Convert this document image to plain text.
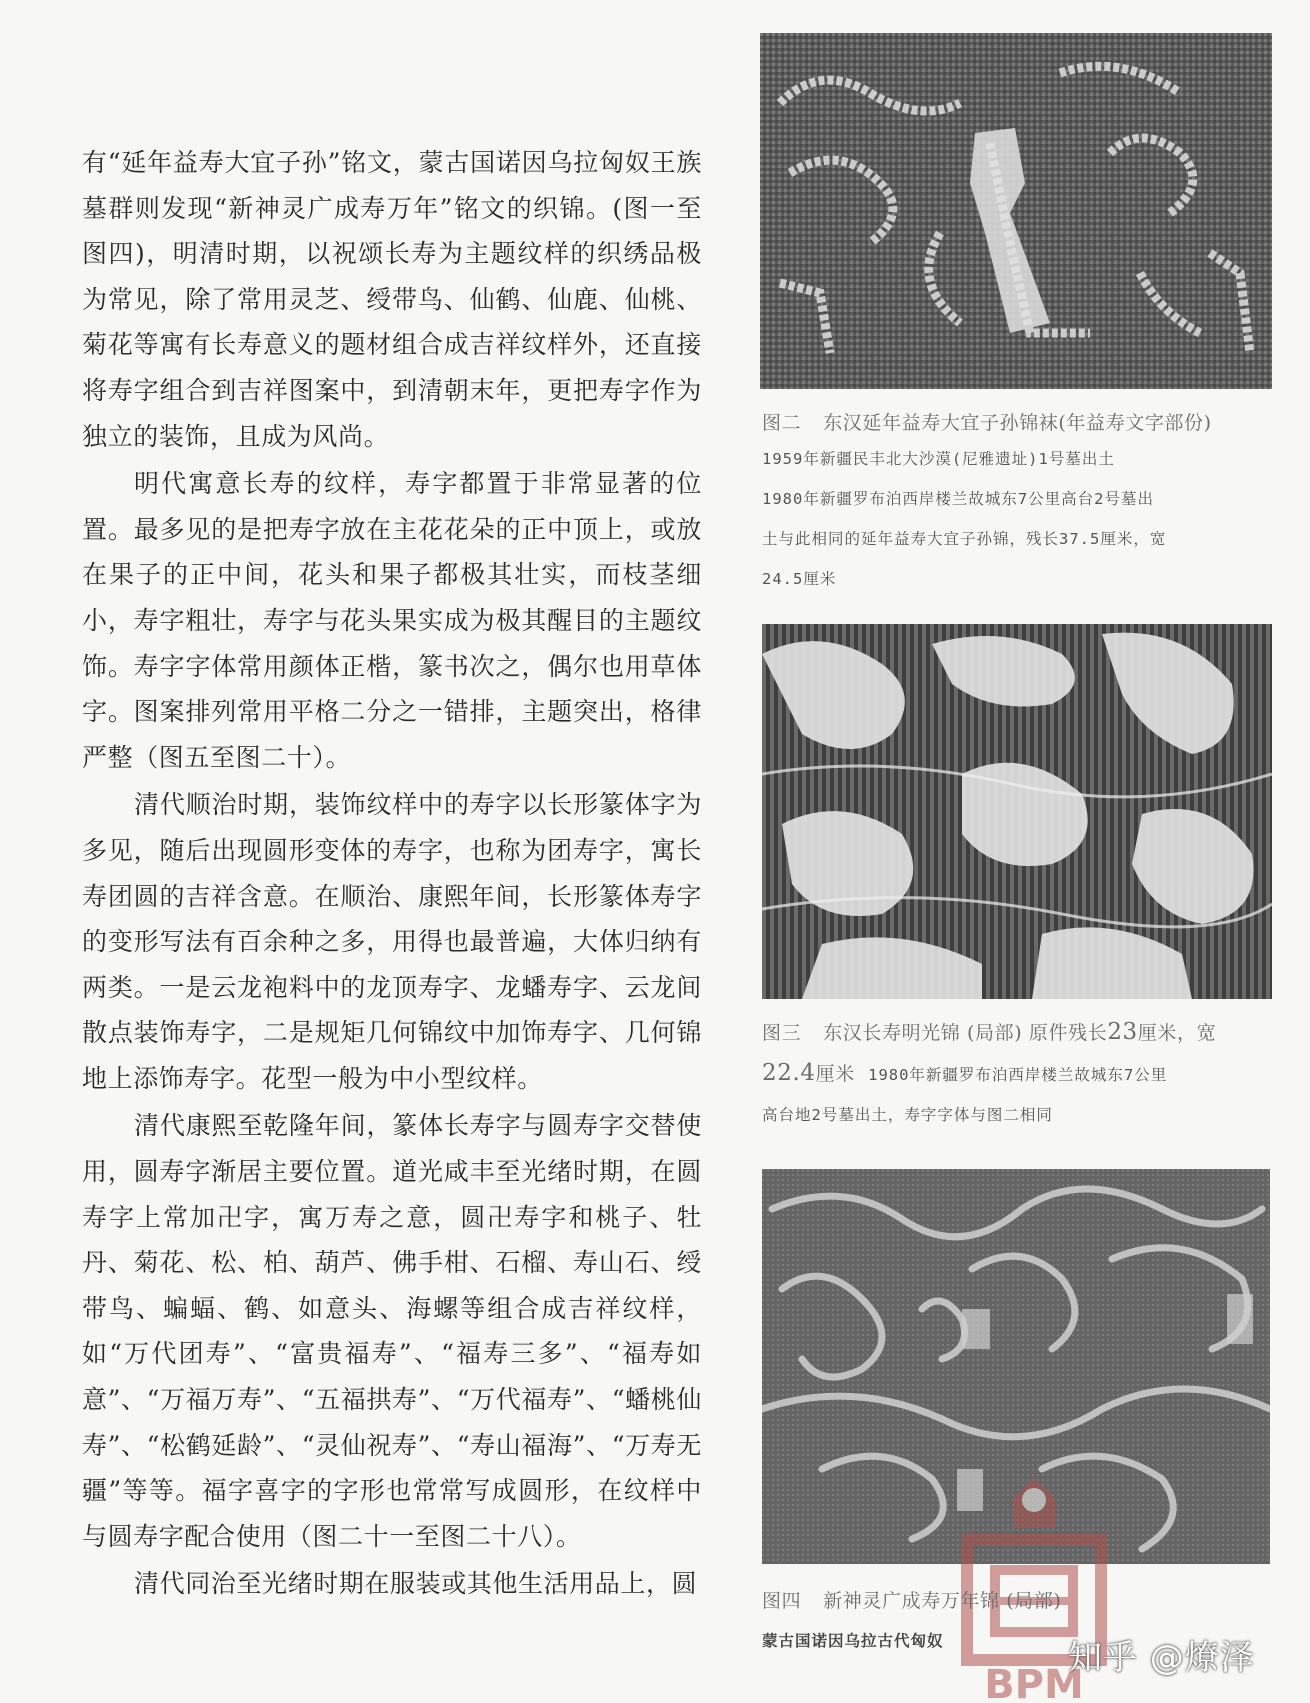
有“延年益寿大宜子孙”铭文，蒙古国诺因乌拉匈奴王族墓群则发现“新神灵广成寿万年”铭文的织锦。(图一至图四)，明清时期，以祝颂长寿为主题纹样的织绣品极为常见，除了常用灵芝、绶带鸟、仙鹤、仙鹿、仙桃、菊花等寓有长寿意义的题材组合成吉祥纹样外，还直接将寿字组合到吉祥图案中，到清朝末年，更把寿字作为独立的装饰，且成为风尚。

明代寓意长寿的纹样，寿字都置于非常显著的位置。最多见的是把寿字放在主花花朵的正中顶上，或放在果子的正中间，花头和果子都极其壮实，而枝茎细小，寿字粗壮，寿字与花头果实成为极其醒目的主题纹饰。寿字字体常用颜体正楷，篆书次之，偶尔也用草体字。图案排列常用平格二分之一错排，主题突出，格律严整（图五至图二十）。

清代顺治时期，装饰纹样中的寿字以长形篆体字为多见，随后出现圆形变体的寿字，也称为团寿字，寓长寿团圆的吉祥含意。在顺治、康熙年间，长形篆体寿字的变形写法有百余种之多，用得也最普遍，大体归纳有两类。一是云龙袍料中的龙顶寿字、龙蟠寿字、云龙间散点装饰寿字，二是规矩几何锦纹中加饰寿字、几何锦地上添饰寿字。花型一般为中小型纹样。

清代康熙至乾隆年间，篆体长寿字与圆寿字交替使用，圆寿字渐居主要位置。道光咸丰至光绪时期，在圆寿字上常加卍字，寓万寿之意，圆卍寿字和桃子、牡丹、菊花、松、柏、葫芦、佛手柑、石榴、寿山石、绶带鸟、蝙蝠、鹤、如意头、海螺等组合成吉祥纹样，如“万代团寿”、“富贵福寿”、“福寿三多”、“福寿如意”、“万福万寿”、“五福拱寿”、“万代福寿”、“蟠桃仙寿”、“松鹤延龄”、“灵仙祝寿”、“寿山福海”、“万寿无疆”等等。福字喜字的字形也常常写成圆形，在纹样中与圆寿字配合使用（图二十一至图二十八）。

清代同治至光绪时期在服装或其他生活用品上，圆

图二 东汉延年益寿大宜子孙锦袜(年益寿文字部份)
1959年新疆民丰北大沙漠(尼雅遗址)1号墓出土
1980年新疆罗布泊西岸楼兰故城东7公里高台2号墓出
土与此相同的延年益寿大宜子孙锦，残长37.5厘米，宽
24.5厘米
图三 东汉长寿明光锦 (局部) 原件残长23厘米，宽
22.4厘米 1980年新疆罗布泊西岸楼兰故城东7公里
高台地2号墓出土，寿字字体与图二相同
BPM
图四 新神灵广成寿万年锦 (局部)
蒙古国诺因乌拉古代匈奴	知乎 @燎泽
